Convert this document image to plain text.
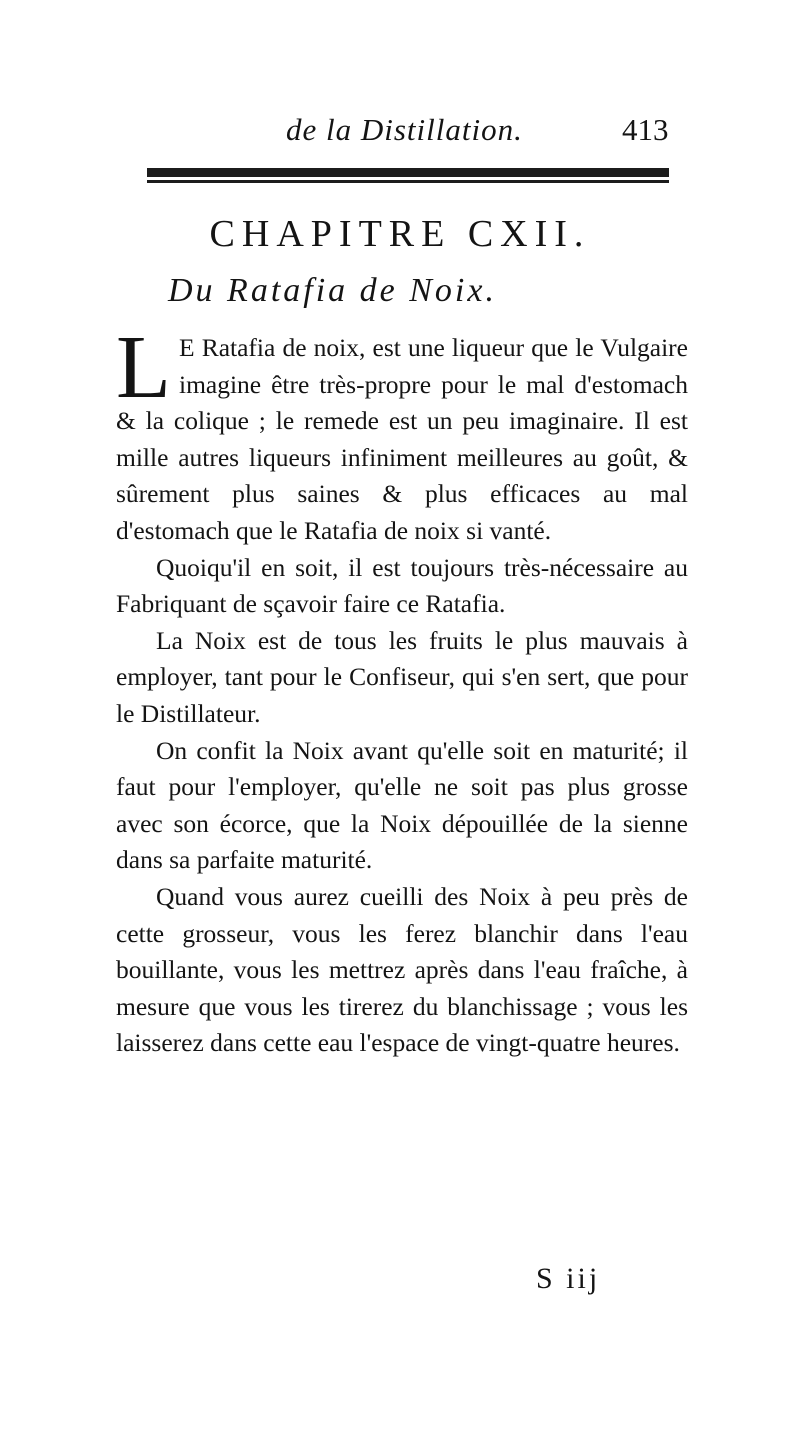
de la Distillation.	413
CHAPITRE CXII.
Du Ratafia de Noix.

L E Ratafia de noix, est une liqueur que le Vulgaire imagine être très-propre pour le mal d'estomach & la colique ; le remede est un peu imaginaire. Il est mille autres liqueurs infiniment meilleures au goût, & sûrement plus saines & plus efficaces au mal d'estomach que le Ratafia de noix si vanté.

Quoiqu'il en soit, il est toujours très-nécessaire au Fabriquant de sçavoir faire ce Ratafia.

La Noix est de tous les fruits le plus mauvais à employer, tant pour le Confiseur, qui s'en sert, que pour le Distillateur.

On confit la Noix avant qu'elle soit en maturité; il faut pour l'employer, qu'elle ne soit pas plus grosse avec son écorce, que la Noix dépouillée de la sienne dans sa parfaite maturité.

Quand vous aurez cueilli des Noix à peu près de cette grosseur, vous les ferez blanchir dans l'eau bouillante, vous les mettrez après dans l'eau fraîche, à mesure que vous les tirerez du blanchissage ; vous les laisserez dans cette eau l'espace de vingt-quatre heures.

S iij
